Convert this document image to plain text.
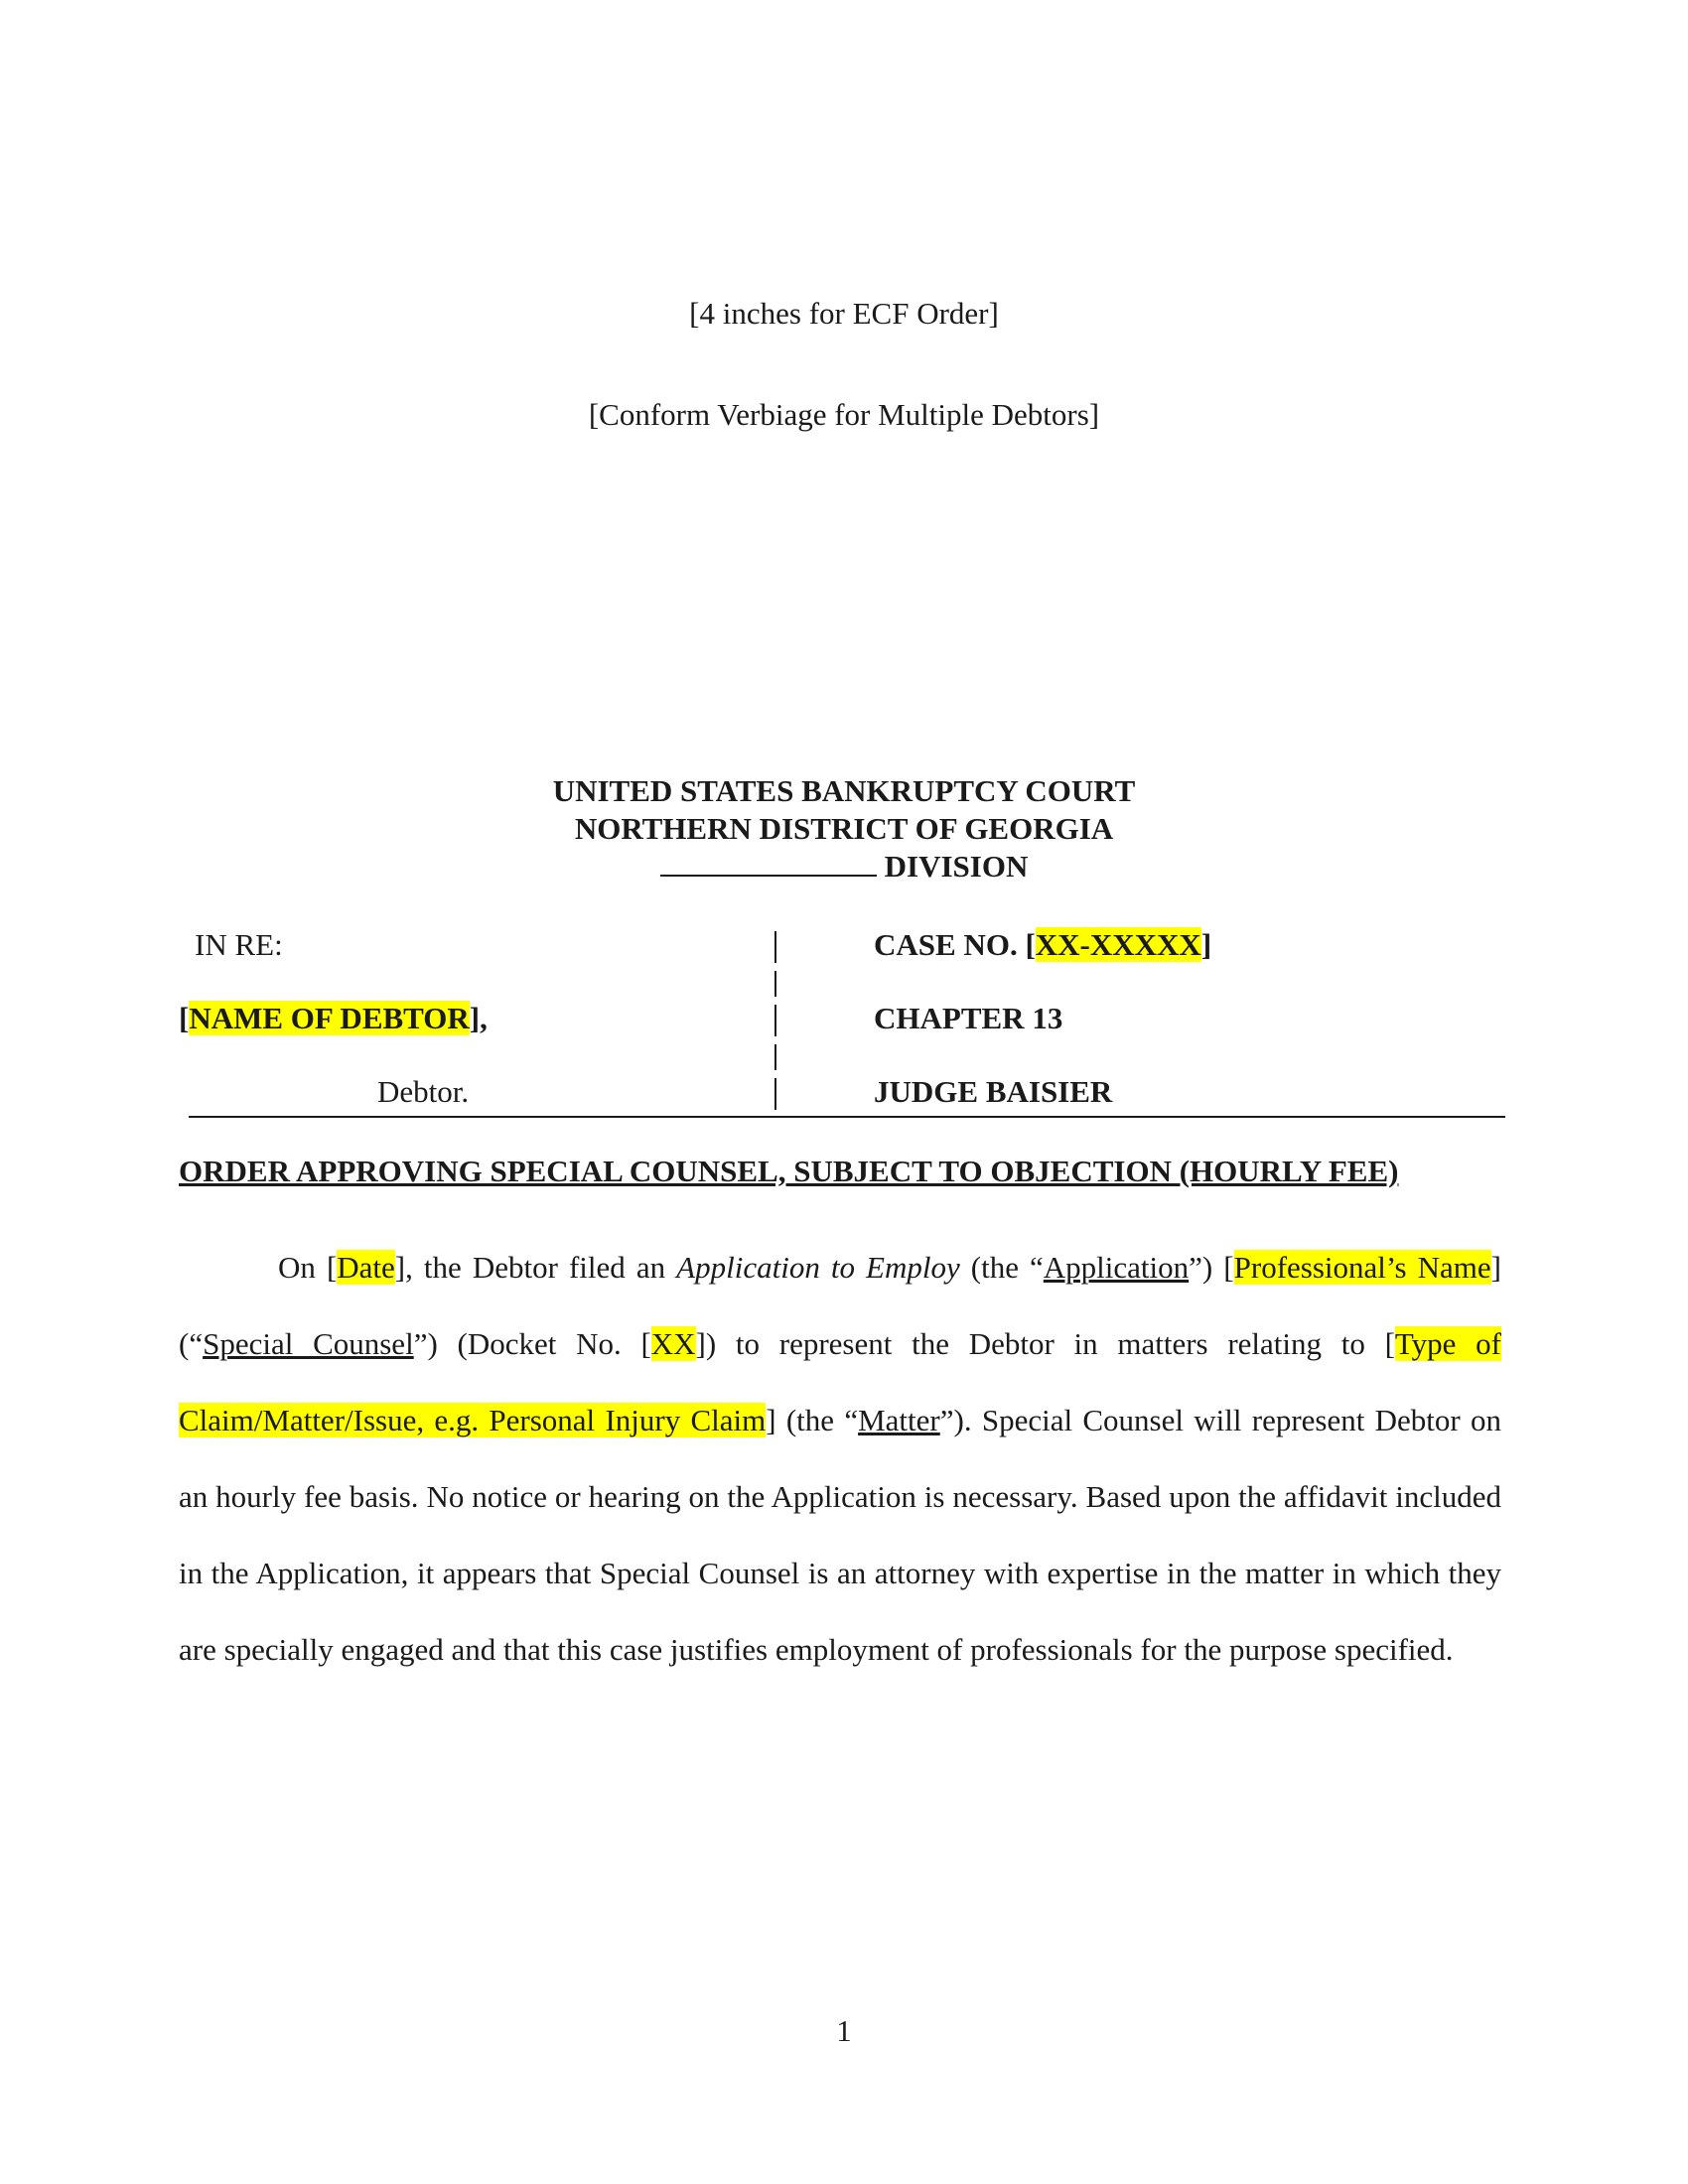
[4 inches for ECF Order]
[Conform Verbiage for Multiple Debtors]
UNITED STATES BANKRUPTCY COURT
NORTHERN DISTRICT OF GEORGIA
DIVISION
IN RE:
[NAME OF DEBTOR],
Debtor.
CASE NO. [XX-XXXXX]
CHAPTER 13
JUDGE BAISIER
ORDER APPROVING SPECIAL COUNSEL, SUBJECT TO OBJECTION (HOURLY FEE)
On [Date], the Debtor filed an Application to Employ (the “Application”) [Professional’s Name] (“Special Counsel”) (Docket No. [XX]) to represent the Debtor in matters relating to [Type of Claim/Matter/Issue, e.g. Personal Injury Claim] (the “Matter”). Special Counsel will represent Debtor on an hourly fee basis. No notice or hearing on the Application is necessary. Based upon the affidavit included in the Application, it appears that Special Counsel is an attorney with expertise in the matter in which they are specially engaged and that this case justifies employment of professionals for the purpose specified.
1
